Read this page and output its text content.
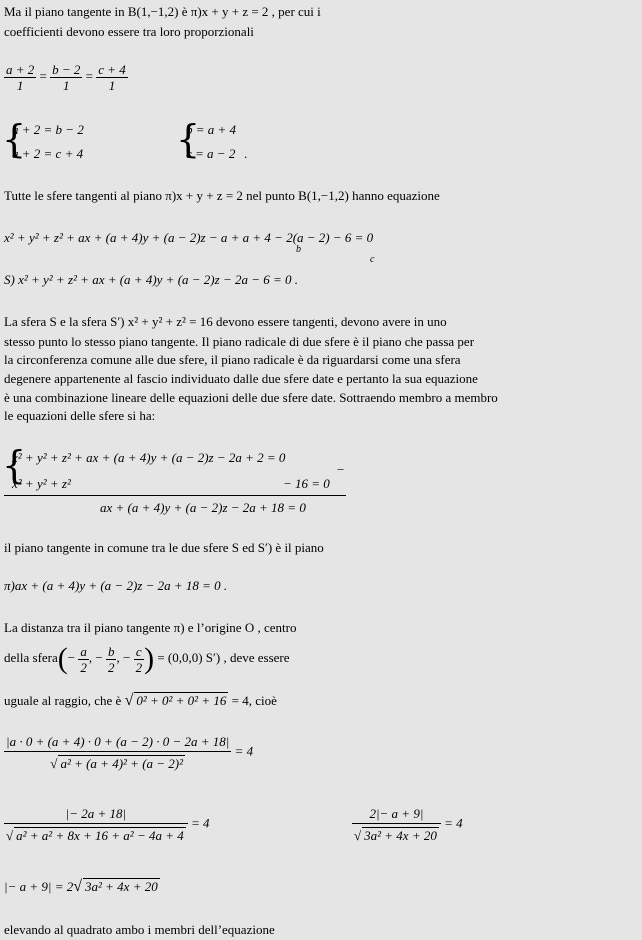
Ma il piano tangente in B(1,−1,2) è π)x + y + z = 2 , per cui i
coefficienti devono essere tra loro proporzionali
$\frac{a + 2}{1} = \frac{b - 2}{1} = \frac{c + 4}{1}$
{
a + 2 = b − 2
a + 2 = c + 4 {
b = a + 4
c = a − 2 .
Tutte le sfere tangenti al piano π)x + y + z = 2 nel punto B(1,−1,2) hanno equazione
x² + y² + z² + ax + (a + 4)y + (a − 2)z − a + a + 4 − 2(a − 2) − 6 = 0
b
c
S) x² + y² + z² + ax + (a + 4)y + (a − 2)z − 2a − 6 = 0 .
La sfera S e la sfera S′) x² + y² + z² = 16 devono essere tangenti, devono avere in uno
stesso punto lo stesso piano tangente. Il piano radicale di due sfere è il piano che passa per
la circonferenza comune alle due sfere, il piano radicale è da riguardarsi come una sfera
degenere appartenente al fascio individuato dalle due sfere date e pertanto la sua equazione
è una combinazione lineare delle equazioni delle due sfere date. Sottraendo membro a membro
le equazioni delle sfere si ha:
{
x² + y² + z² + ax + (a + 4)y + (a − 2)z − 2a + 2 = 0
−
x² + y² + z²	− 16 = 0
ax + (a + 4)y + (a − 2)z − 2a + 18 = 0
il piano tangente in comune tra le due sfere S ed S′) è il piano
π)ax + (a + 4)y + (a − 2)z − 2a + 18 = 0 .
La distanza tra il piano tangente π) e l’origine O , centro
della sfera(− $\frac{a}{2}$ , − $\frac{b}{2}$ , − $\frac{c}{2}$ ) = (0,0,0) S′) , deve essere
uguale al raggio, che è √ 0² + 0² + 0² + 16 = 4, cioè
$\frac{|a \cdot 0 + (a + 4) \cdot 0 + (a - 2) \cdot 0 - 2a + 18|}{\text{√ a² + (a + 4)² + (a − 2)²}} = 4$
$\frac{|- 2a + 18|}{\text{√ a² + a² + 8x + 16 + a² − 4a + 4}} = 4$	$\frac{2|- a + 9|}{\text{√ 3a² + 4x + 20}} = 4$
|− a + 9| = 2√ 3a² + 4x + 20
elevando al quadrato ambo i membri dell’equazione
